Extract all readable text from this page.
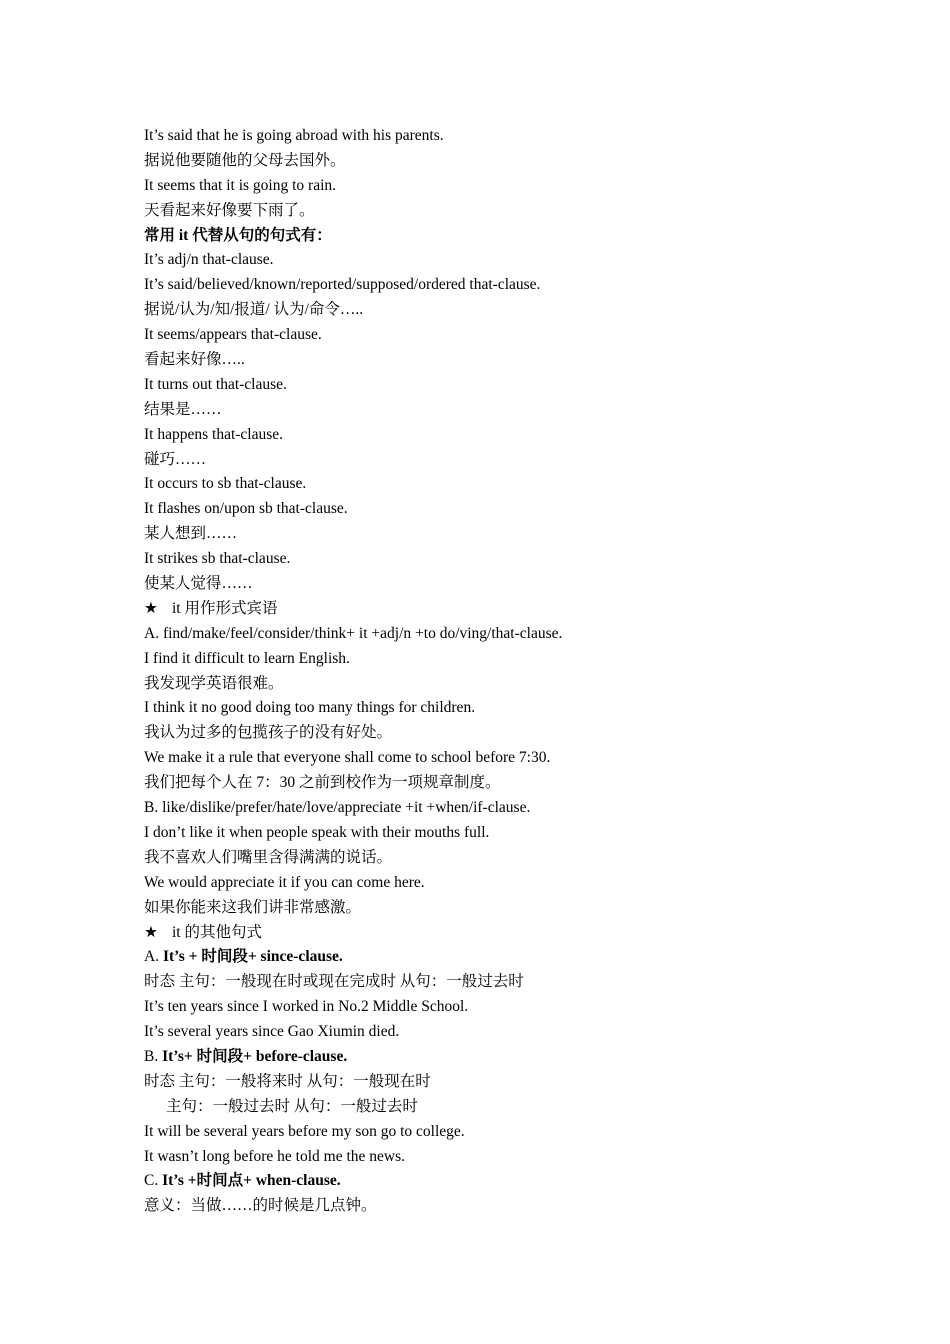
It’s said that he is going abroad with his parents.
据说他要随他的父母去国外。
It seems that it is going to rain.
天看起来好像要下雨了。
常用 it 代替从句的句式有：
It’s adj/n that-clause.
It’s said/believed/known/reported/supposed/ordered that-clause.
据说/认为/知/报道/ 认为/命令…..
It seems/appears that-clause.
看起来好像…..
It turns out that-clause.
结果是……
It happens that-clause.
碰巧……
It occurs to sb that-clause.
It flashes on/upon sb that-clause.
某人想到……
It strikes sb that-clause.
使某人觉得……
★ it 用作形式宾语
A. find/make/feel/consider/think+ it +adj/n +to do/ving/that-clause.
I find it difficult to learn English.
我发现学英语很难。
I think it no good doing too many things for children.
我认为过多的包揽孩子的没有好处。
We make it a rule that everyone shall come to school before 7:30.
我们把每个人在 7：30 之前到校作为一项规章制度。
B. like/dislike/prefer/hate/love/appreciate +it +when/if-clause.
I don’t like it when people speak with their mouths full.
我不喜欢人们嘴里含得满满的说话。
We would appreciate it if you can come here.
如果你能来这我们讲非常感激。
★ it 的其他句式
A. It’s + 时间段+ since-clause.
时态 主句：一般现在时或现在完成时 从句：一般过去时
It’s ten years since I worked in No.2 Middle School.
It’s several years since Gao Xiumin died.
B. It’s+ 时间段+ before-clause.
时态 主句：一般将来时 从句：一般现在时
主句：一般过去时 从句：一般过去时
It will be several years before my son go to college.
It wasn’t long before he told me the news.
C. It’s +时间点+ when-clause.
意义：当做……的时候是几点钟。
